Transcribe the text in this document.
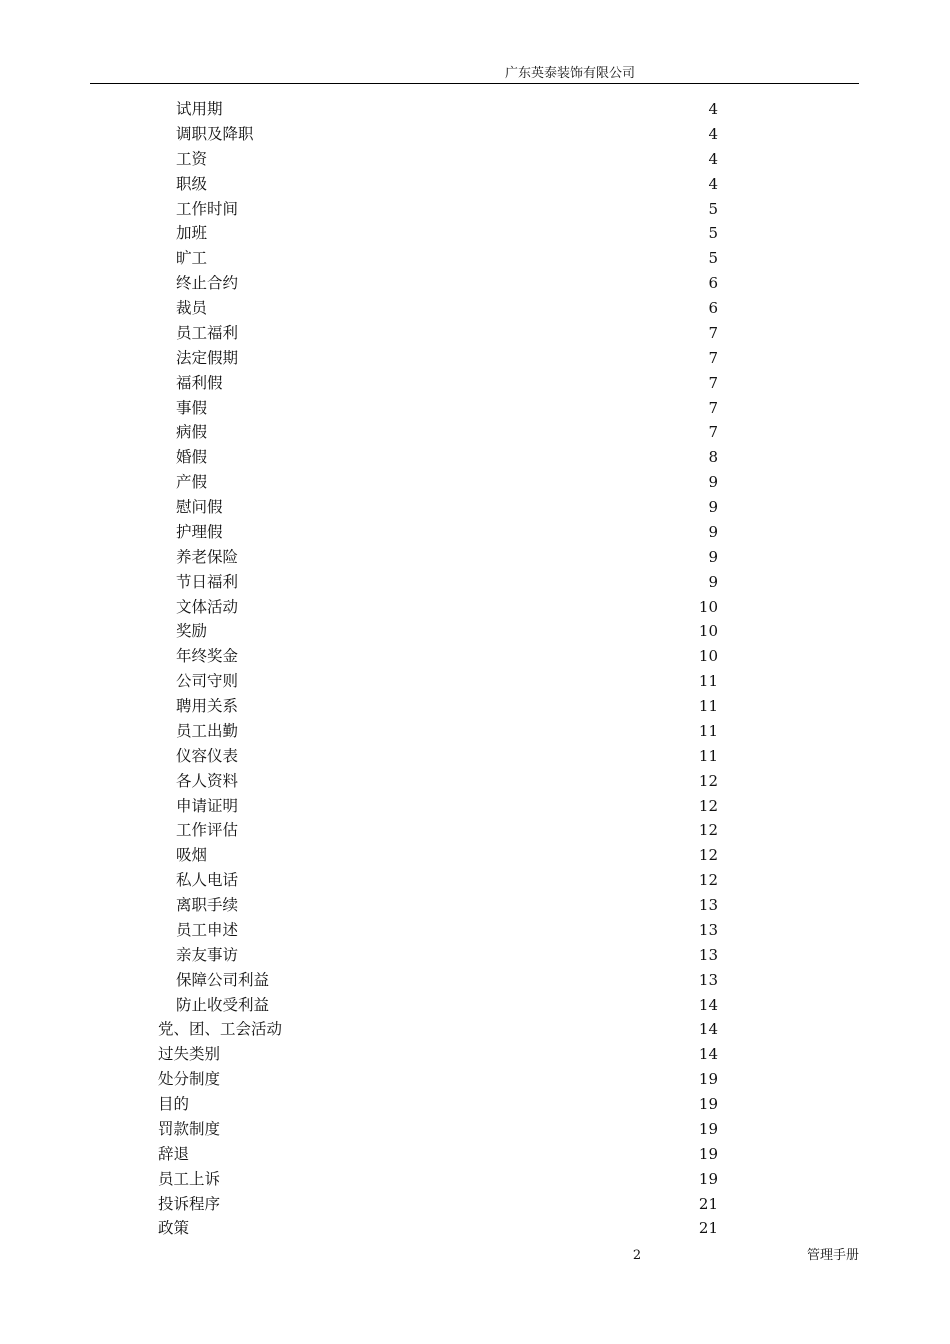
广东英泰装饰有限公司
试用期	4
调职及降职	4
工资	4
职级	4
工作时间	5
加班	5
旷工	5
终止合约	6
裁员	6
员工福利	7
法定假期	7
福利假	7
事假	7
病假	7
婚假	8
产假	9
慰问假	9
护理假	9
养老保险	9
节日福利	9
文体活动	10
奖励	10
年终奖金	10
公司守则	11
聘用关系	11
员工出勤	11
仪容仪表	11
各人资料	12
申请证明	12
工作评估	12
吸烟	12
私人电话	12
离职手续	13
员工申述	13
亲友事访	13
保障公司利益	13
防止收受利益	14
党、团、工会活动	14
过失类别	14
处分制度	19
目的	19
罚款制度	19
辞退	19
员工上诉	19
投诉程序	21
政策	21
2	管理手册
